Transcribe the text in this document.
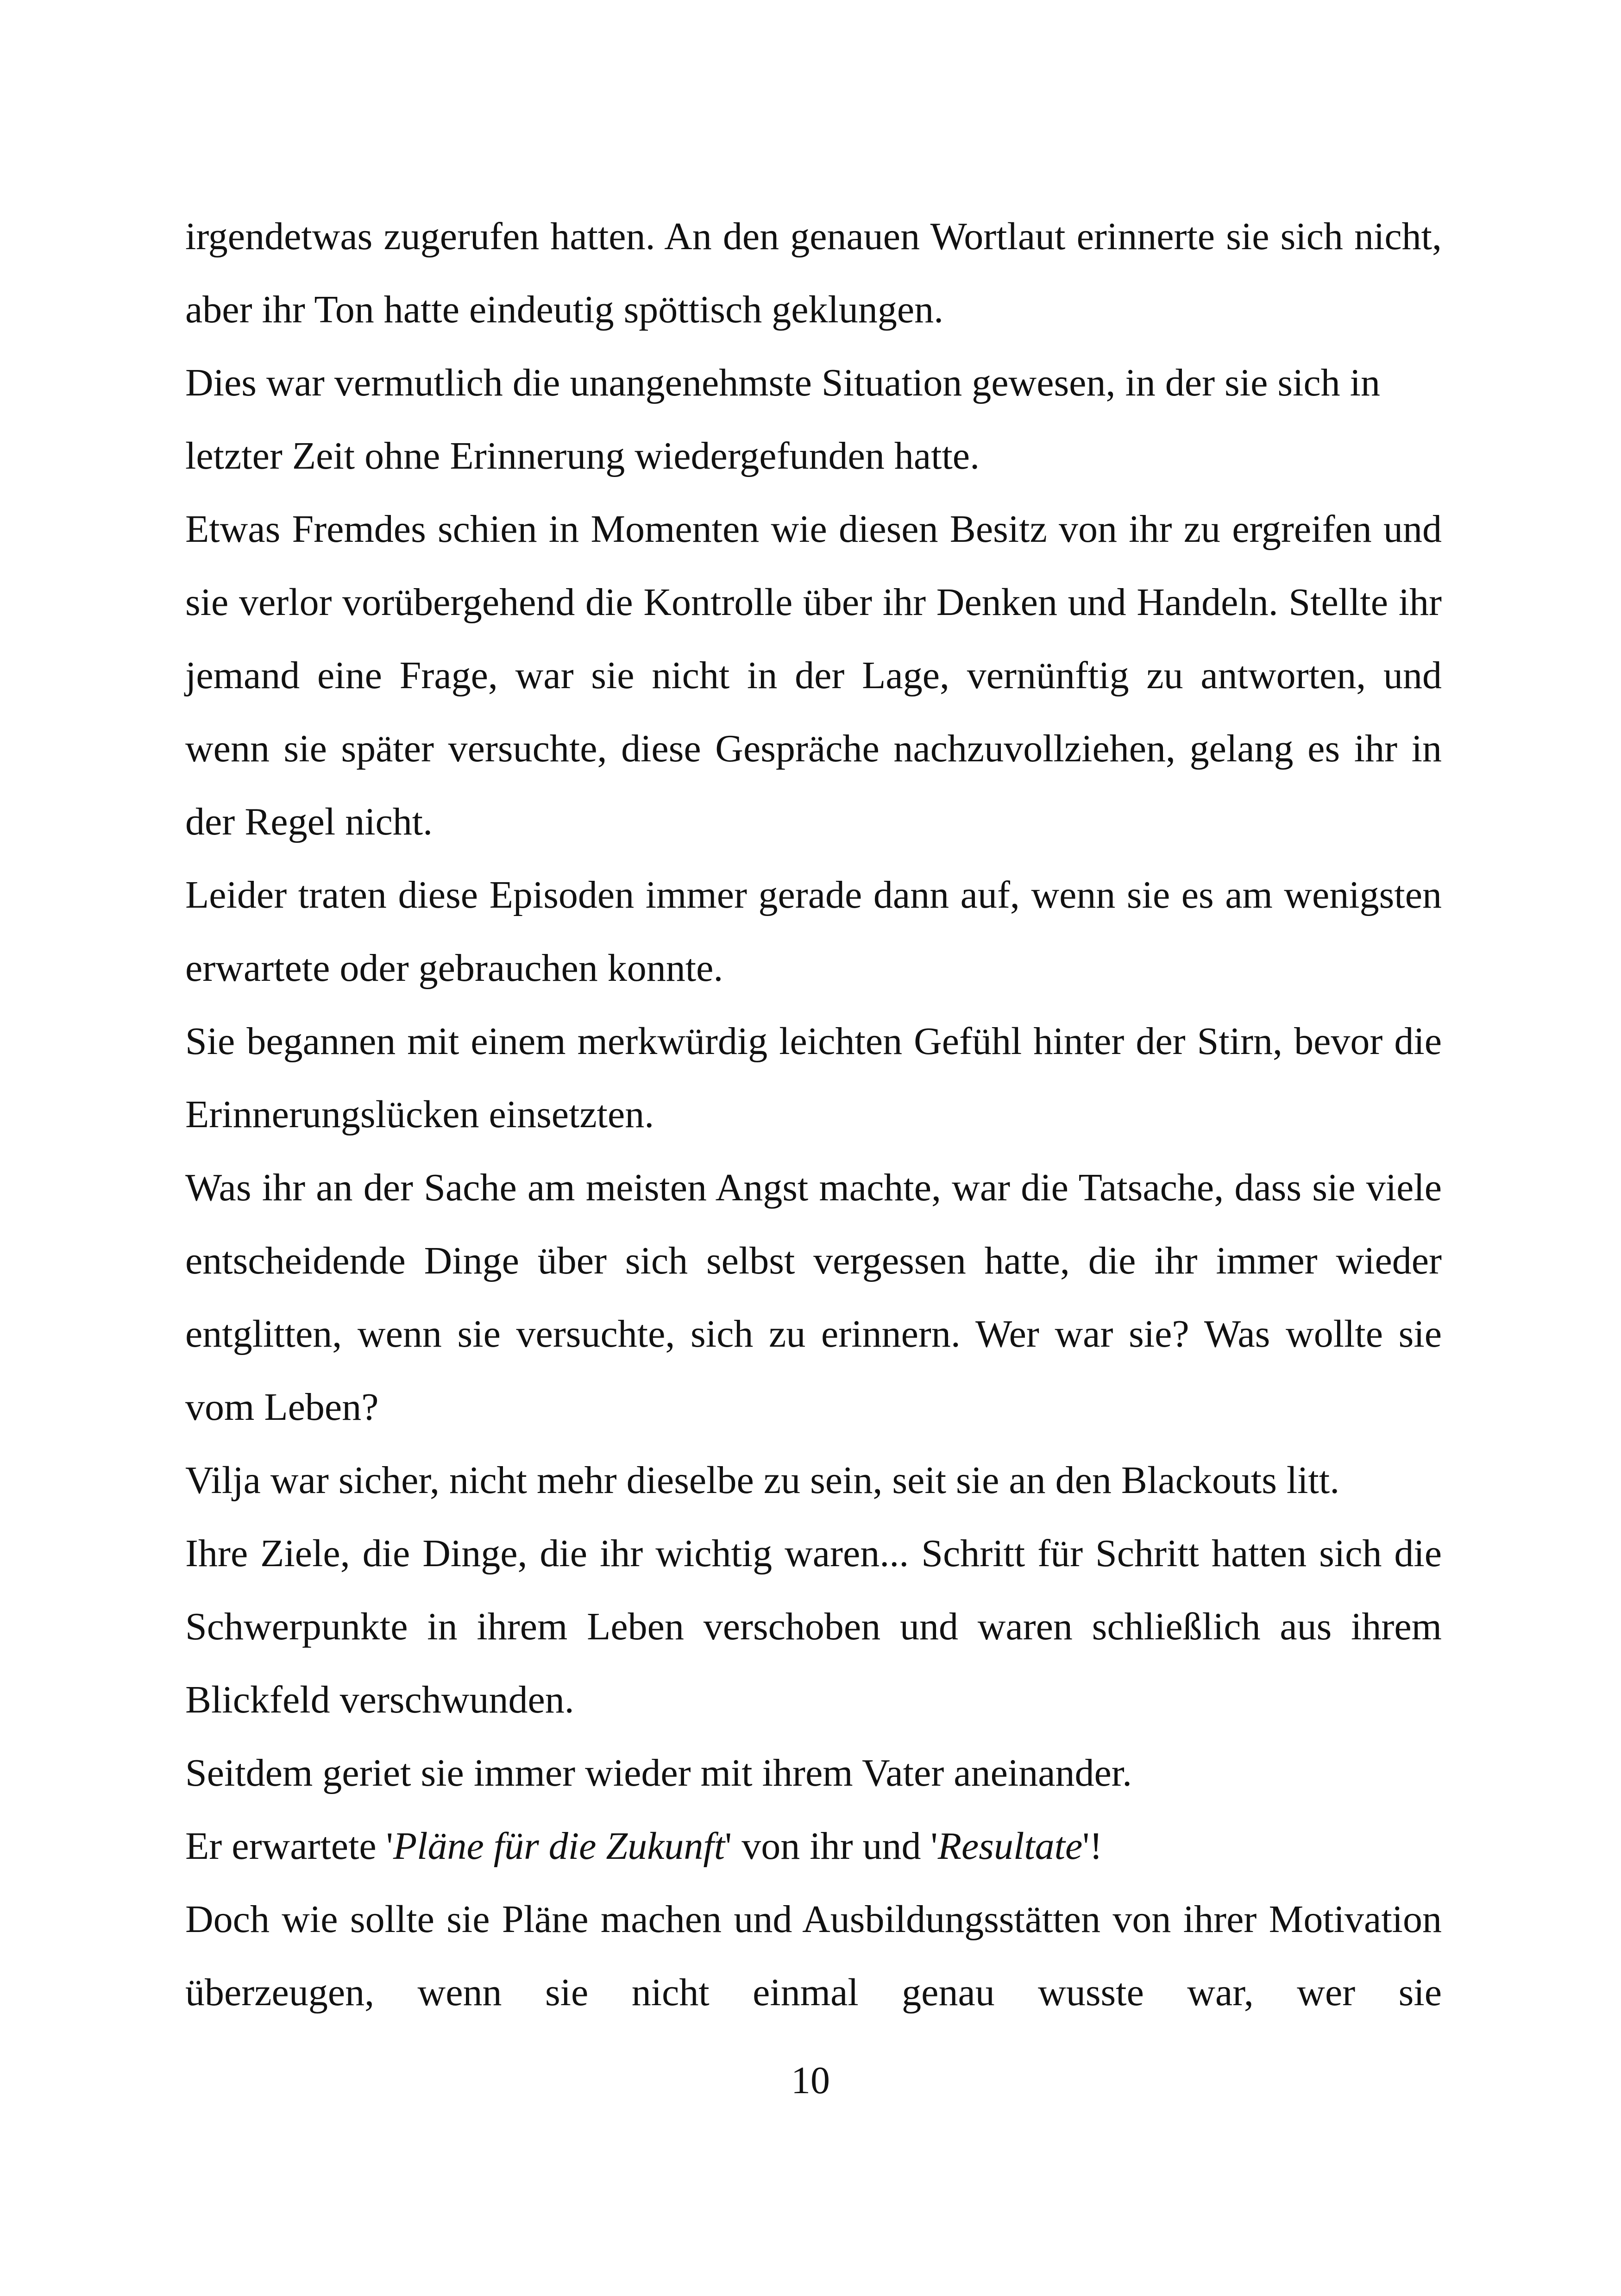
irgendetwas zugerufen hatten. An den genauen Wortlaut erinnerte sie sich nicht, aber ihr Ton hatte eindeutig spöttisch geklungen.

Dies war vermutlich die unangenehmste Situation gewesen, in der sie sich in letzter Zeit ohne Erinnerung wiedergefunden hatte.

Etwas Fremdes schien in Momenten wie diesen Besitz von ihr zu ergreifen und sie verlor vorübergehend die Kontrolle über ihr Denken und Handeln. Stellte ihr jemand eine Frage, war sie nicht in der Lage, vernünftig zu antworten, und wenn sie später versuchte, diese Gespräche nachzuvollziehen, gelang es ihr in der Regel nicht.

Leider traten diese Episoden immer gerade dann auf, wenn sie es am wenigsten erwartete oder gebrauchen konnte.

Sie begannen mit einem merkwürdig leichten Gefühl hinter der Stirn, bevor die Erinnerungslücken einsetzten.

Was ihr an der Sache am meisten Angst machte, war die Tatsache, dass sie viele entscheidende Dinge über sich selbst vergessen hatte, die ihr immer wieder entglitten, wenn sie versuchte, sich zu erinnern. Wer war sie? Was wollte sie vom Leben?

Vilja war sicher, nicht mehr dieselbe zu sein, seit sie an den Blackouts litt.

Ihre Ziele, die Dinge, die ihr wichtig waren... Schritt für Schritt hatten sich die Schwerpunkte in ihrem Leben verschoben und waren schließlich aus ihrem Blickfeld verschwunden.

Seitdem geriet sie immer wieder mit ihrem Vater aneinander.

Er erwartete 'Pläne für die Zukunft' von ihr und 'Resultate'!

Doch wie sollte sie Pläne machen und Ausbildungsstätten von ihrer Motivation überzeugen, wenn sie nicht einmal genau wusste war, wer sie

10
